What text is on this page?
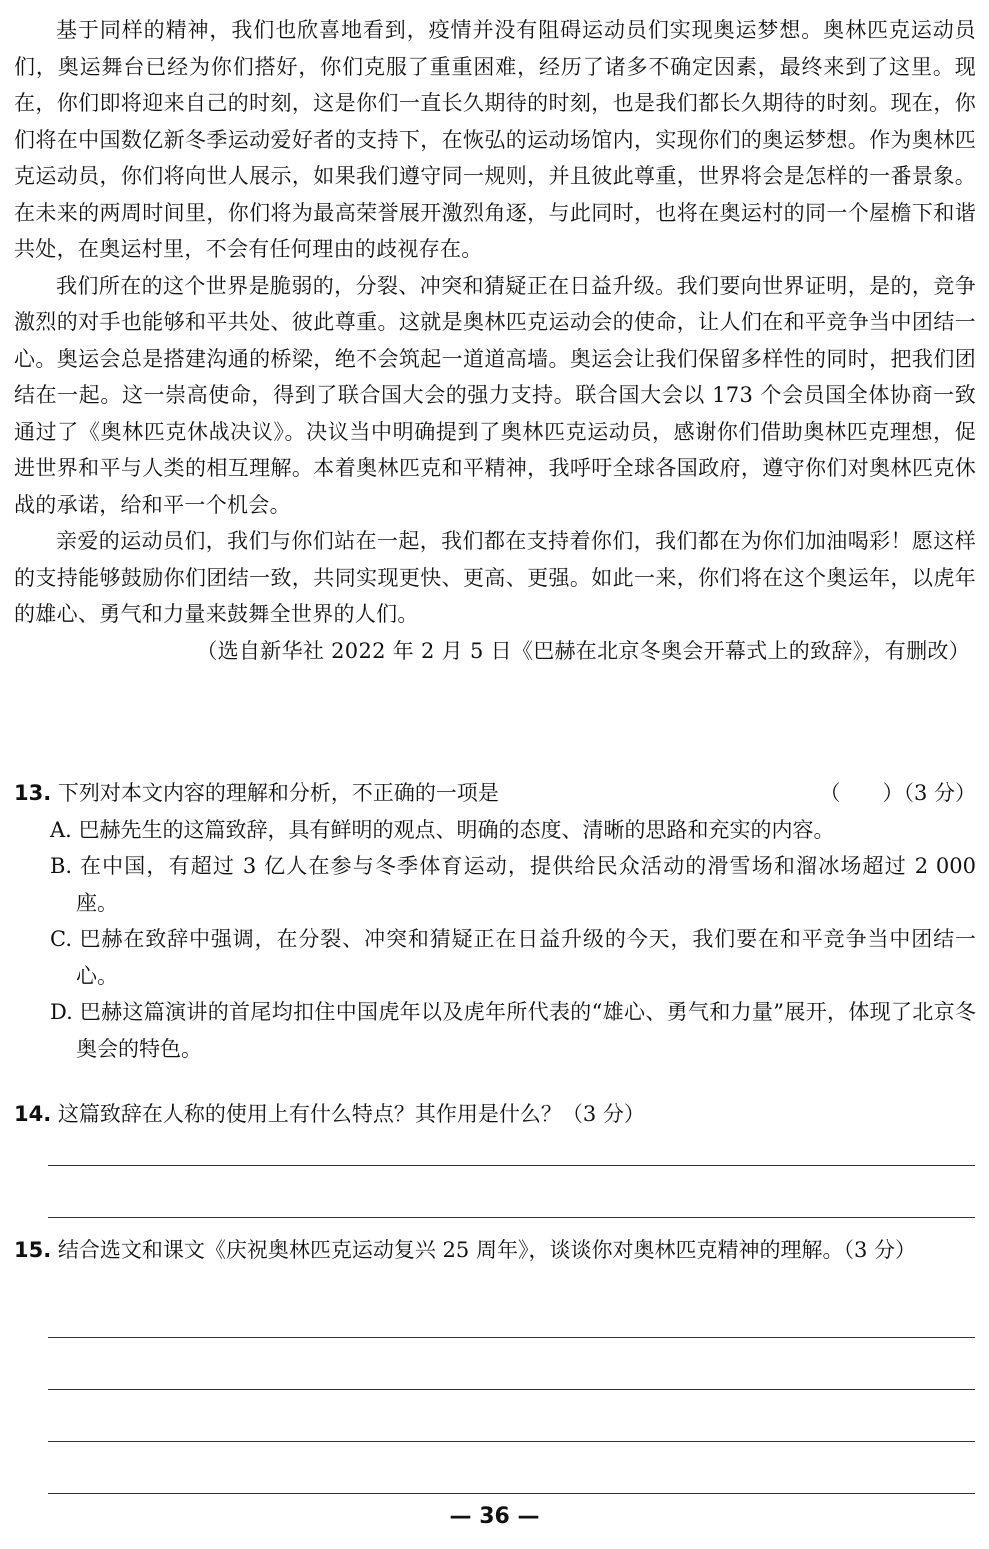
基于同样的精神，我们也欣喜地看到，疫情并没有阻碍运动员们实现奥运梦想。奥林匹克运动员们，奥运舞台已经为你们搭好，你们克服了重重困难，经历了诸多不确定因素，最终来到了这里。现在，你们即将迎来自己的时刻，这是你们一直长久期待的时刻，也是我们都长久期待的时刻。现在，你们将在中国数亿新冬季运动爱好者的支持下，在恢弘的运动场馆内，实现你们的奥运梦想。作为奥林匹克运动员，你们将向世人展示，如果我们遵守同一规则，并且彼此尊重，世界将会是怎样的一番景象。在未来的两周时间里，你们将为最高荣誉展开激烈角逐，与此同时，也将在奥运村的同一个屋檐下和谐共处，在奥运村里，不会有任何理由的歧视存在。

我们所在的这个世界是脆弱的，分裂、冲突和猜疑正在日益升级。我们要向世界证明，是的，竞争激烈的对手也能够和平共处、彼此尊重。这就是奥林匹克运动会的使命，让人们在和平竞争当中团结一心。奥运会总是搭建沟通的桥梁，绝不会筑起一道道高墙。奥运会让我们保留多样性的同时，把我们团结在一起。这一崇高使命，得到了联合国大会的强力支持。联合国大会以 173 个会员国全体协商一致通过了《奥林匹克休战决议》。决议当中明确提到了奥林匹克运动员，感谢你们借助奥林匹克理想，促进世界和平与人类的相互理解。本着奥林匹克和平精神，我呼吁全球各国政府，遵守你们对奥林匹克休战的承诺，给和平一个机会。

亲爱的运动员们，我们与你们站在一起，我们都在支持着你们，我们都在为你们加油喝彩！愿这样的支持能够鼓励你们团结一致，共同实现更快、更高、更强。如此一来，你们将在这个奥运年，以虎年的雄心、勇气和力量来鼓舞全世界的人们。

（选自新华社 2022 年 2 月 5 日《巴赫在北京冬奥会开幕式上的致辞》，有删改）

13. 下列对本文内容的理解和分析，不正确的一项是	（　　）（3 分）

A. 巴赫先生的这篇致辞，具有鲜明的观点、明确的态度、清晰的思路和充实的内容。

B. 在中国，有超过 3 亿人在参与冬季体育运动，提供给民众活动的滑雪场和溜冰场超过 2 000 座。

C. 巴赫在致辞中强调，在分裂、冲突和猜疑正在日益升级的今天，我们要在和平竞争当中团结一心。

D. 巴赫这篇演讲的首尾均扣住中国虎年以及虎年所代表的“雄心、勇气和力量”展开，体现了北京冬奥会的特色。

14. 这篇致辞在人称的使用上有什么特点？其作用是什么？（3 分）
15. 结合选文和课文《庆祝奥林匹克运动复兴 25 周年》，谈谈你对奥林匹克精神的理解。（3 分）
— 36 —
